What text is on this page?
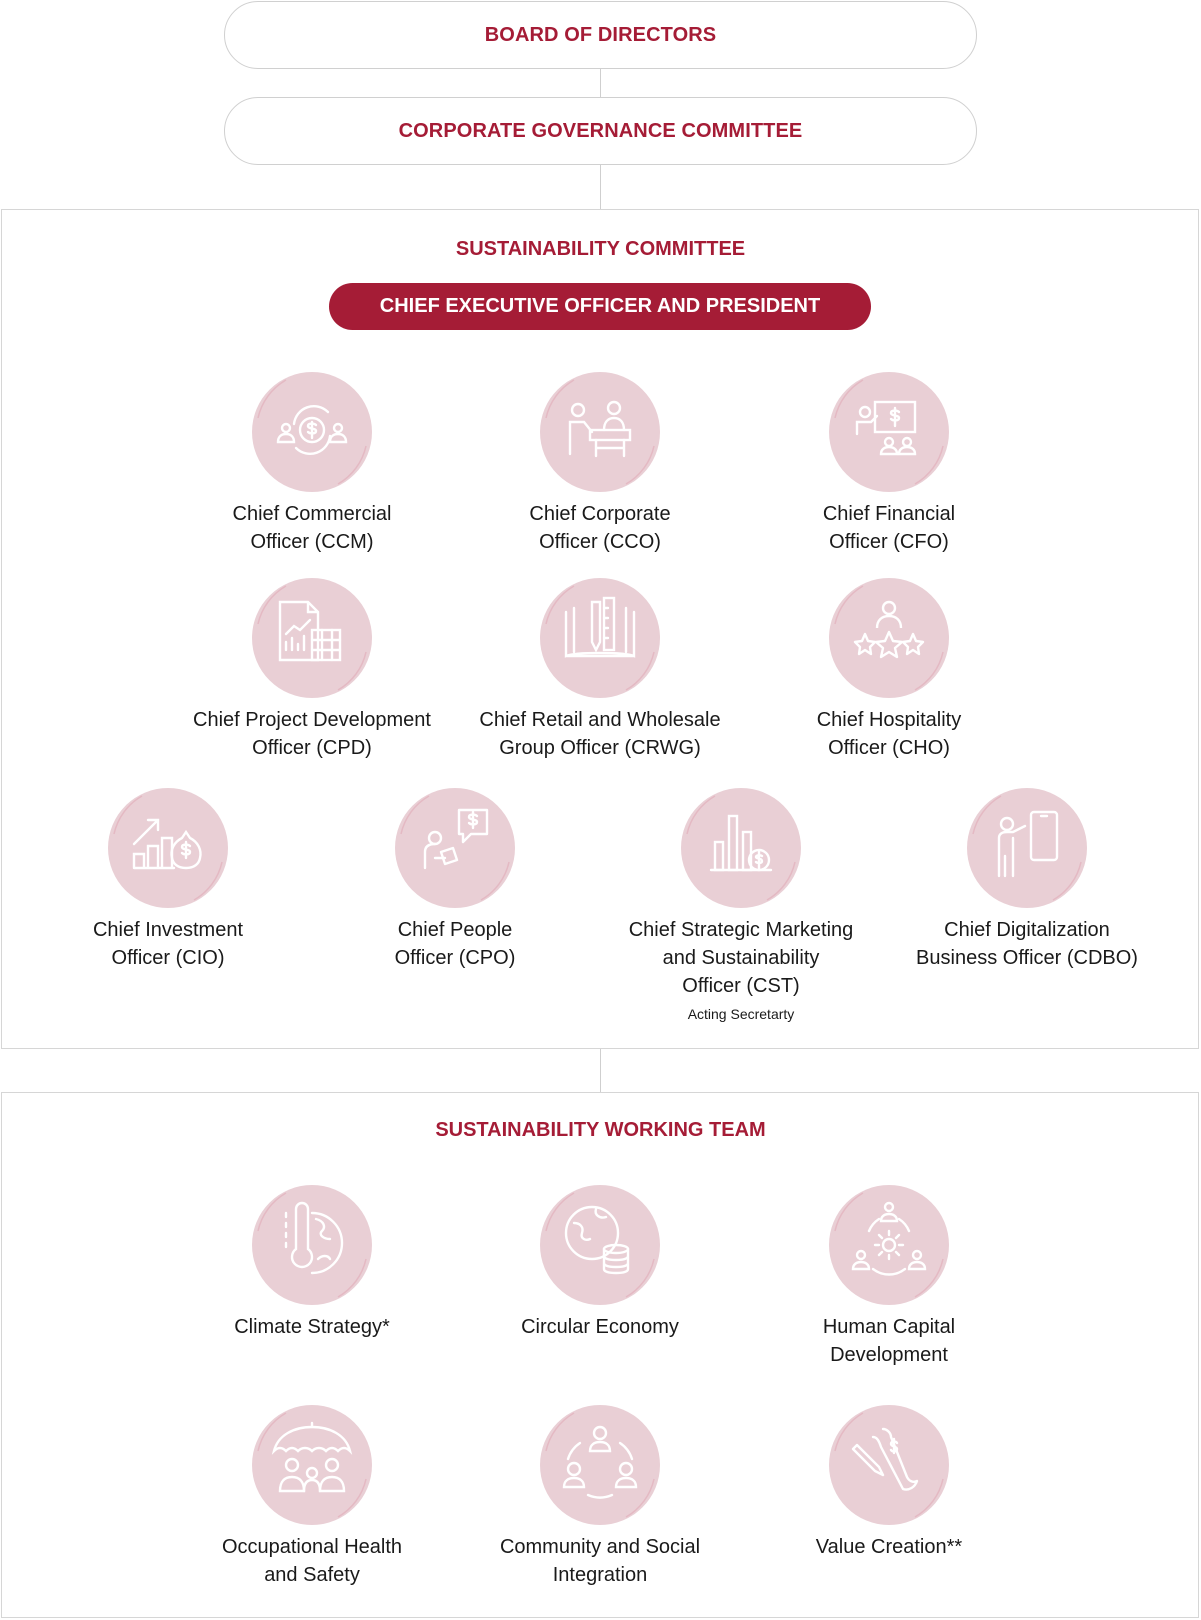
BOARD OF DIRECTORS
CORPORATE GOVERNANCE COMMITTEE
SUSTAINABILITY COMMITTEE
CHIEF EXECUTIVE OFFICER AND PRESIDENT
Chief Commercial
Officer (CCM)
Chief Corporate
Officer (CCO)
Chief Financial
Officer (CFO)
Chief Project Development
Officer (CPD)
Chief Retail and Wholesale
Group Officer (CRWG)
Chief Hospitality
Officer (CHO)
Chief Investment
Officer (CIO)
Chief People
Officer (CPO)
Chief Strategic Marketing
and Sustainability
Officer (CST)
Acting Secretarty
Chief Digitalization
Business Officer (CDBO)
SUSTAINABILITY WORKING TEAM
Climate Strategy*	Circular Economy	Human Capital
Development
Occupational Health
and Safety
Community and Social
Integration
Value Creation**
